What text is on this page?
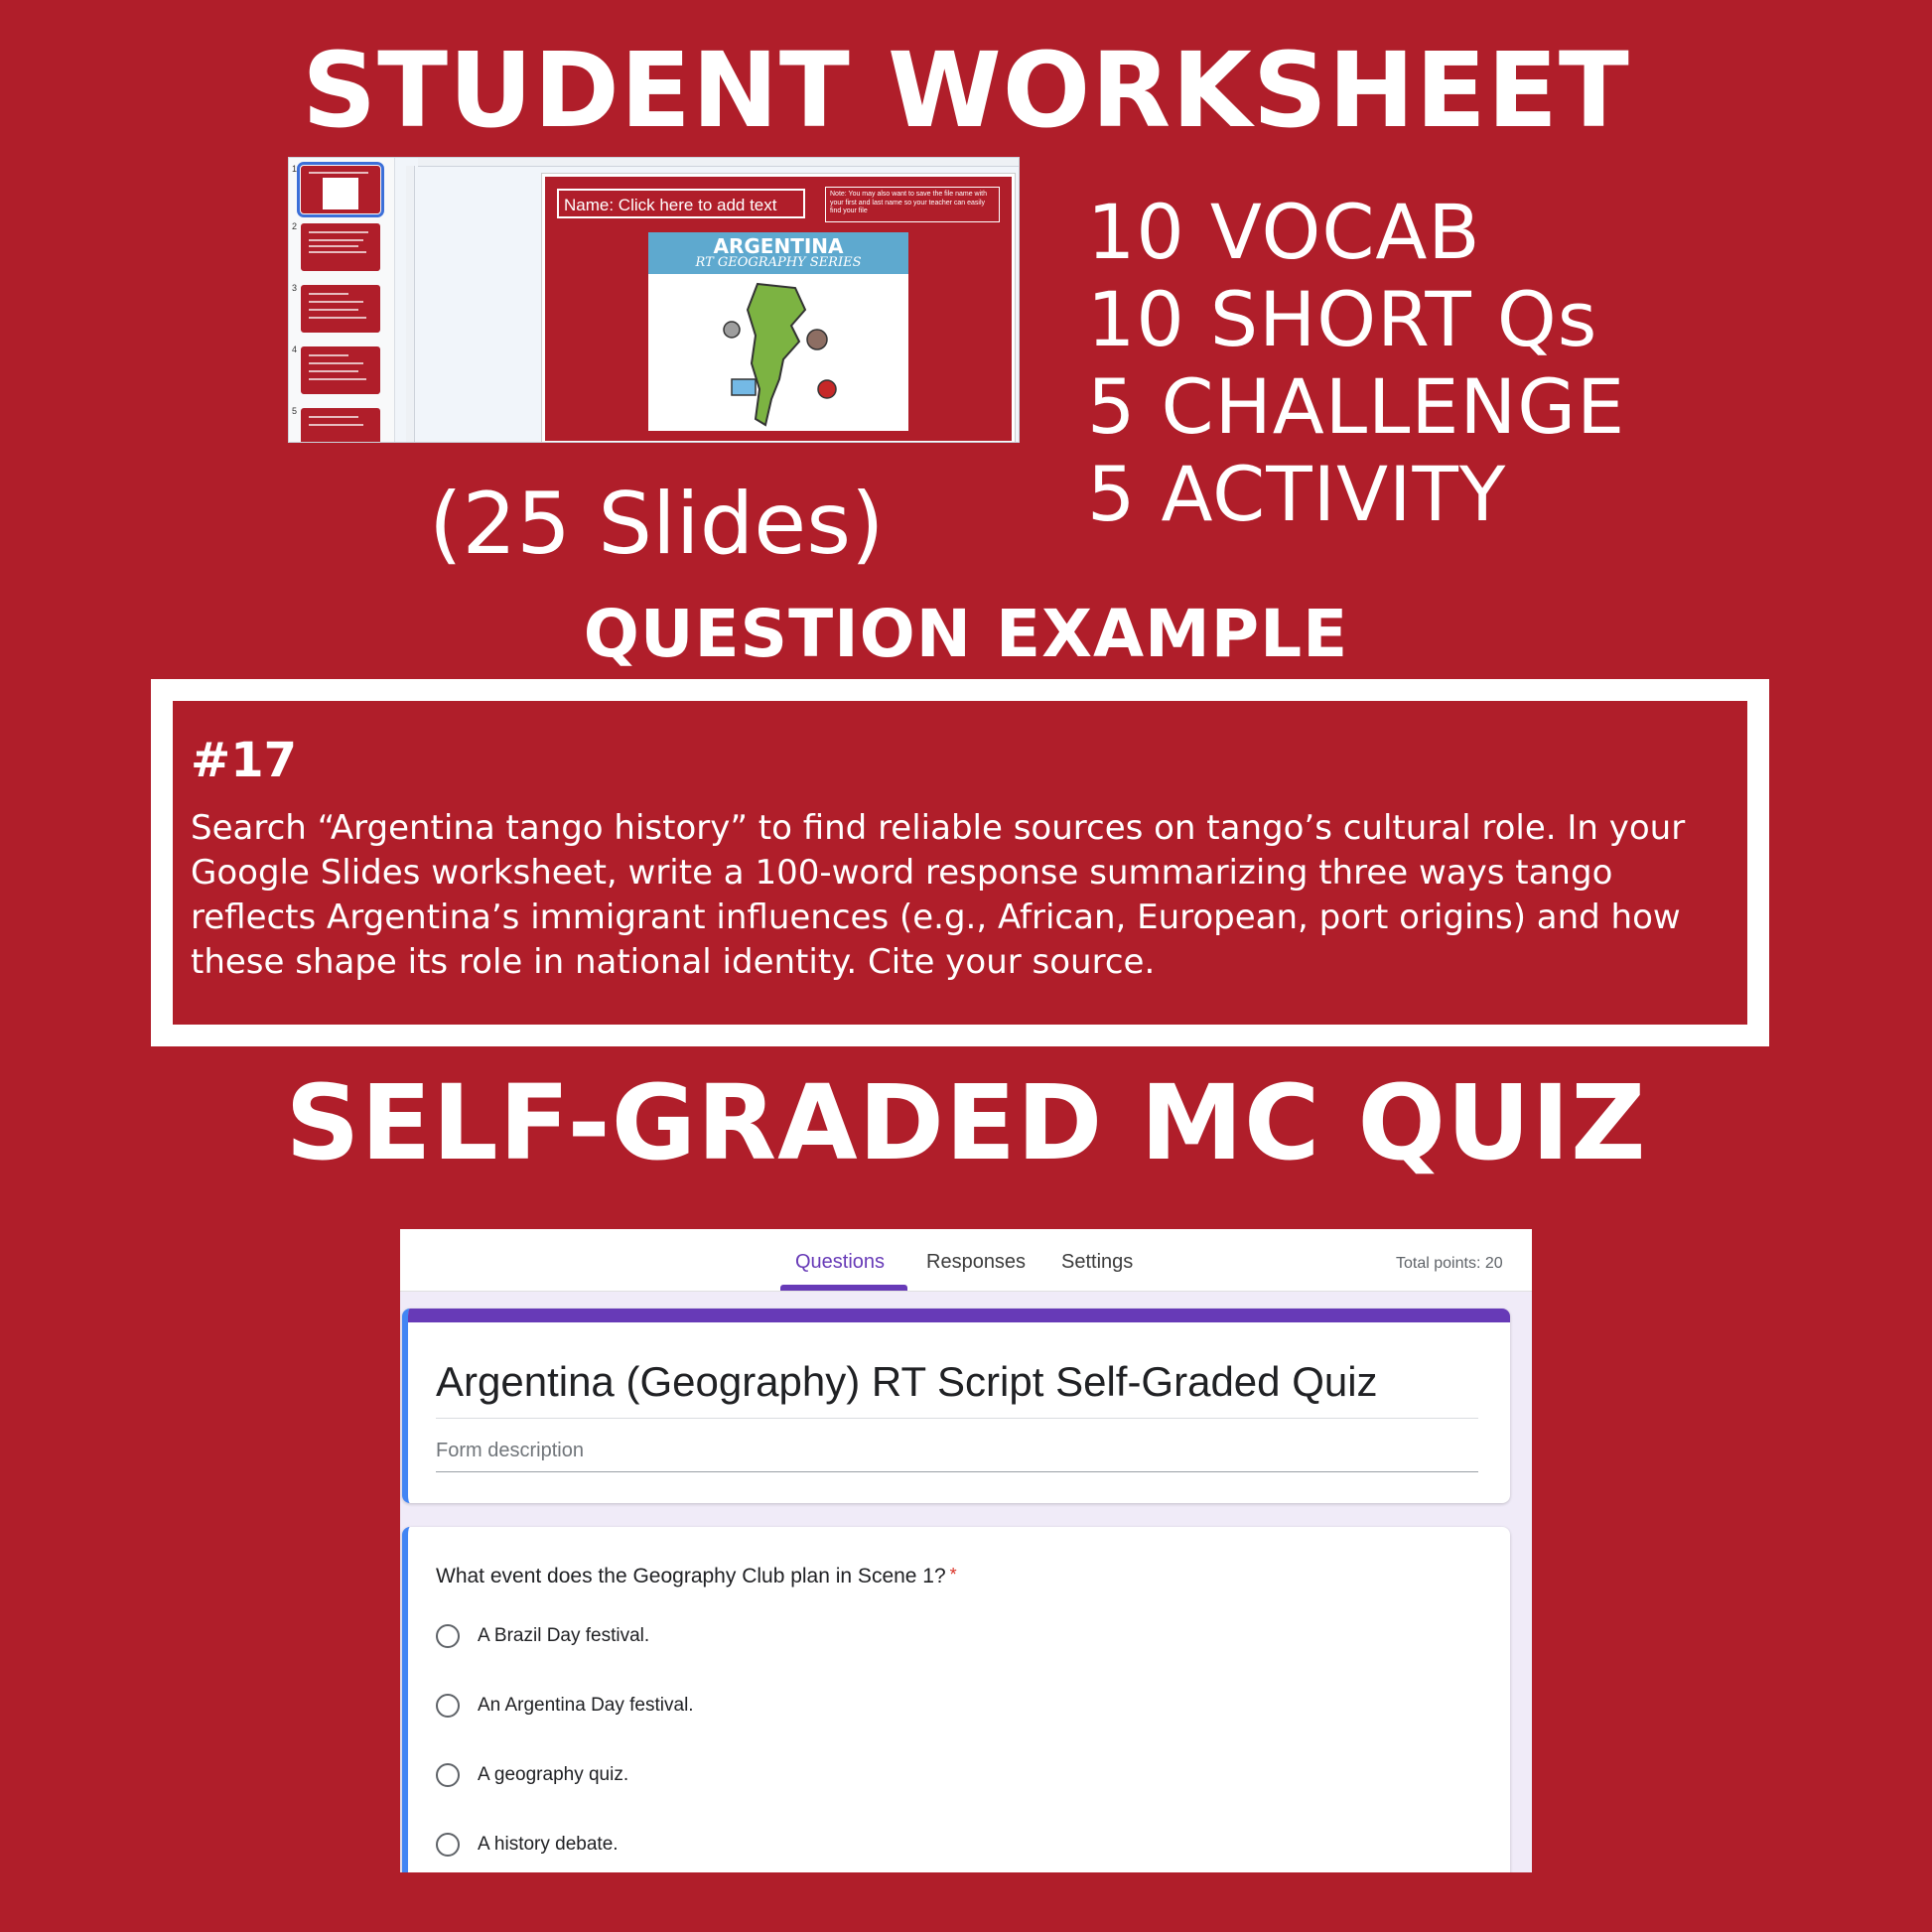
STUDENT WORKSHEET
1
2
3
4
5
Name: Click here to add text
Note: You may also want to save the file name with your first and last name so your teacher can easily find your file
ARGENTINA
RT GEOGRAPHY SERIES
(25 Slides)
10 VOCAB
10 SHORT Qs
5 CHALLENGE
5 ACTIVITY
QUESTION EXAMPLE
#17
Search “Argentina tango history” to find reliable sources on tango’s cultural role. In your Google Slides worksheet, write a 100-word response summarizing three ways tango reflects Argentina’s immigrant influences (e.g., African, European, port origins) and how these shape its role in national identity. Cite your source.
SELF-GRADED MC QUIZ
Questions Responses Settings	Total points: 20
Argentina (Geography) RT Script Self-Graded Quiz
Form description
What event does the Geography Club plan in Scene 1? *
A Brazil Day festival.
An Argentina Day festival.
A geography quiz.
A history debate.
